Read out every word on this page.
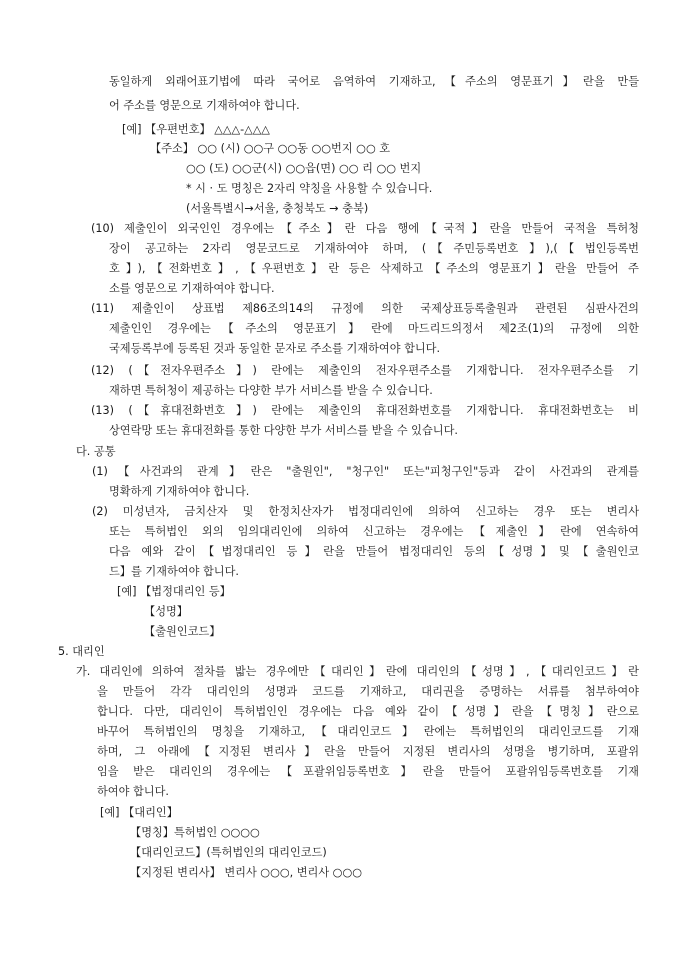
동일하게 외래어표기법에 따라 국어로 음역하여 기재하고,【주소의 영문표기】란을 만들
어 주소를 영문으로 기재하여야 합니다.
[예] 【우편번호】 △△△-△△△
【주소】 ○○ (시) ○○구 ○○동 ○○번지 ○○ 호
○○ (도) ○○군(시) ○○읍(면) ○○ 리 ○○ 번지
* 시 · 도 명칭은 2자리 약칭을 사용할 수 있습니다.
(서울특별시→서울, 충청북도 → 충북)
(10) 제출인이 외국인인 경우에는【주소】란 다음 행에【국적】란을 만들어 국적을 특허청
장이 공고하는 2자리 영문코드로 기재하여야 하며, (【주민등록번호】),(【법인등록번
호】),【전화번호】,【우편번호】란 등은 삭제하고【주소의 영문표기】란을 만들어 주
소를 영문으로 기재하여야 합니다.
(11) 제출인이 상표법 제86조의14의 규정에 의한 국제상표등록출원과 관련된 심판사건의
제출인인 경우에는【주소의 영문표기】란에 마드리드의정서 제2조(1)의 규정에 의한
국제등록부에 등록된 것과 동일한 문자로 주소를 기재하여야 합니다.
(12) (【전자우편주소】) 란에는 제출인의 전자우편주소를 기재합니다. 전자우편주소를 기
재하면 특허청이 제공하는 다양한 부가 서비스를 받을 수 있습니다.
(13) (【휴대전화번호】) 란에는 제출인의 휴대전화번호를 기재합니다. 휴대전화번호는 비
상연락망 또는 휴대전화를 통한 다양한 부가 서비스를 받을 수 있습니다.
다. 공통
(1)【사건과의 관계】란은 "출원인", "청구인" 또는"피청구인"등과 같이 사건과의 관계를
명확하게 기재하여야 합니다.
(2) 미성년자, 금치산자 및 한정치산자가 법정대리인에 의하여 신고하는 경우 또는 변리사
또는 특허법인 외의 임의대리인에 의하여 신고하는 경우에는【제출인】란에 연속하여
다음 예와 같이【법정대리인 등】란을 만들어 법정대리인 등의【성명】및【출원인코
드】를 기재하여야 합니다.
[예] 【법정대리인 등】
【성명】
【출원인코드】
5. 대리인
가. 대리인에 의하여 절차를 밟는 경우에만【대리인】란에 대리인의【성명】,【대리인코드】란
을 만들어 각각 대리인의 성명과 코드를 기재하고, 대리권을 증명하는 서류를 첨부하여야
합니다. 다만, 대리인이 특허법인인 경우에는 다음 예와 같이【성명】란을【명칭】란으로
바꾸어 특허법인의 명칭을 기재하고,【대리인코드】란에는 특허법인의 대리인코드를 기재
하며, 그 아래에【지정된 변리사】란을 만들어 지정된 변리사의 성명을 병기하며, 포괄위
임을 받은 대리인의 경우에는【포괄위임등록번호】란을 만들어 포괄위임등록번호를 기재
하여야 합니다.
[예] 【대리인】
【명칭】특허법인 ○○○○
【대리인코드】(특허법인의 대리인코드)
【지정된 변리사】 변리사 ○○○, 변리사 ○○○
